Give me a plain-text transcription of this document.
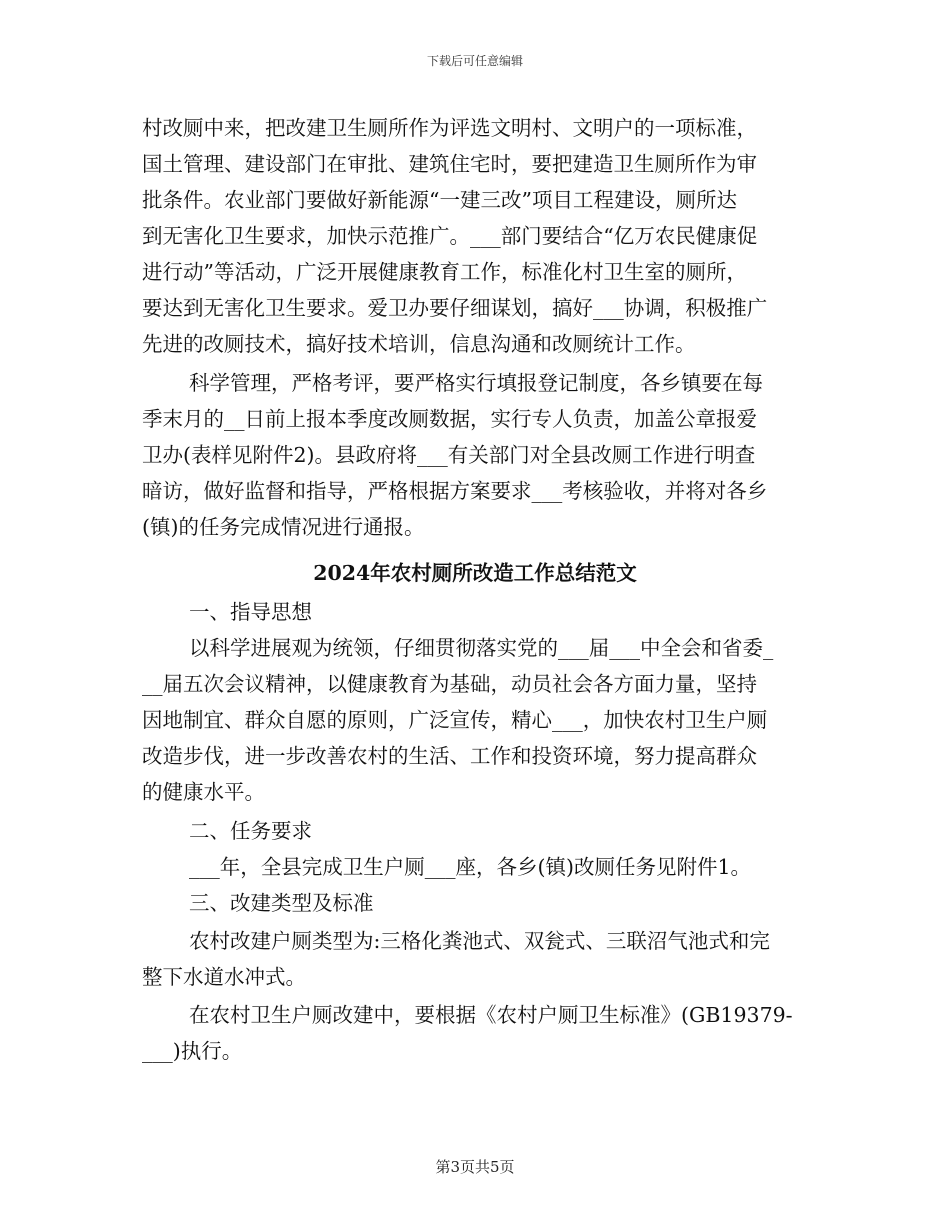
下载后可任意编辑
村改厕中来，把改建卫生厕所作为评选文明村、文明户的一项标准，
国土管理、建设部门在审批、建筑住宅时，要把建造卫生厕所作为审
批条件。农业部门要做好新能源“一建三改”项目工程建设，厕所达
到无害化卫生要求，加快示范推广。___部门要结合“亿万农民健康促
进行动”等活动，广泛开展健康教育工作，标准化村卫生室的厕所，
要达到无害化卫生要求。爱卫办要仔细谋划，搞好___协调，积极推广
先进的改厕技术，搞好技术培训，信息沟通和改厕统计工作。
科学管理，严格考评，要严格实行填报登记制度，各乡镇要在每
季末月的__日前上报本季度改厕数据，实行专人负责，加盖公章报爱
卫办(表样见附件2)。县政府将___有关部门对全县改厕工作进行明查
暗访，做好监督和指导，严格根据方案要求___考核验收，并将对各乡
(镇)的任务完成情况进行通报。
2024年农村厕所改造工作总结范文
一、指导思想
以科学进展观为统领，仔细贯彻落实党的___届___中全会和省委_
__届五次会议精神，以健康教育为基础，动员社会各方面力量，坚持
因地制宜、群众自愿的原则，广泛宣传，精心___，加快农村卫生户厕
改造步伐，进一步改善农村的生活、工作和投资环境，努力提高群众
的健康水平。
二、任务要求
___年，全县完成卫生户厕___座，各乡(镇)改厕任务见附件1。
三、改建类型及标准
农村改建户厕类型为:三格化粪池式、双瓮式、三联沼气池式和完
整下水道水冲式。
在农村卫生户厕改建中，要根据《农村户厕卫生标准》(GB19379-
___)执行。
第3页共5页
